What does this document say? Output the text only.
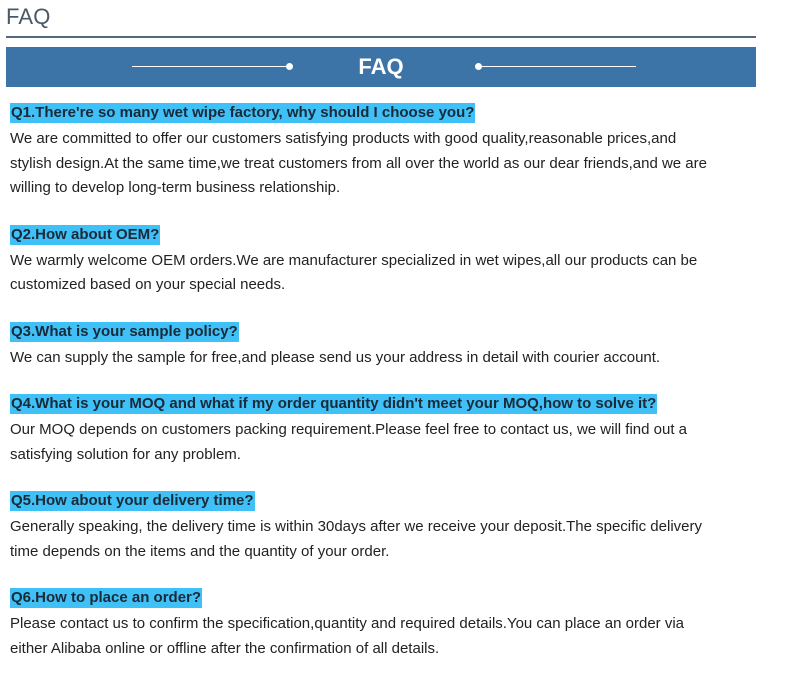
FAQ
FAQ
Q1.There're so many wet wipe factory, why should I choose you?
We are committed to offer our customers satisfying products with good quality,reasonable prices,and
stylish design.At the same time,we treat customers from all over the world as our dear friends,and we are
willing to develop long-term business relationship.
Q2.How about OEM?
We warmly welcome OEM orders.We are manufacturer specialized in wet wipes,all our products can be
customized based on your special needs.
Q3.What is your sample policy?
We can supply the sample for free,and please send us your address in detail with courier account.
Q4.What is your MOQ and what if my order quantity didn't meet your MOQ,how to solve it?
Our MOQ depends on customers packing requirement.Please feel free to contact us, we will find out a
satisfying solution for any problem.
Q5.How about your delivery time?
Generally speaking, the delivery time is within 30days after we receive your deposit.The specific delivery
time depends on the items and the quantity of your order.
Q6.How to place an order?
Please contact us to confirm the specification,quantity and required details.You can place an order via
either Alibaba online or offline after the confirmation of all details.
